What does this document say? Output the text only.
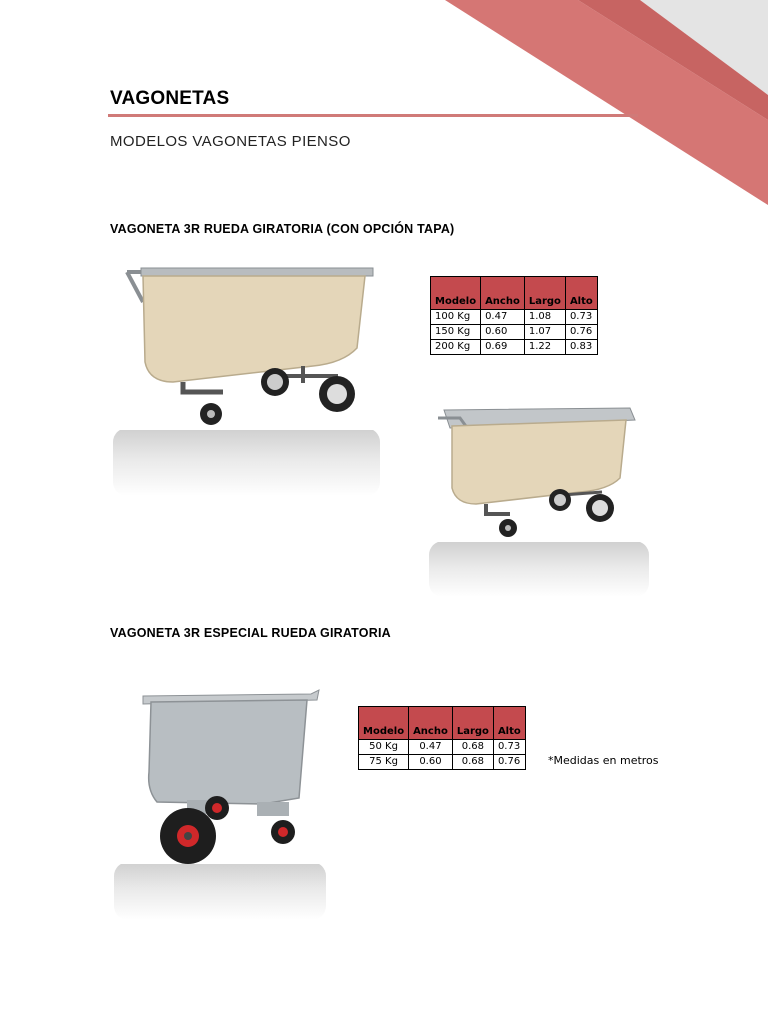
VAGONETAS
MODELOS VAGONETAS PIENSO
VAGONETA 3R RUEDA GIRATORIA (CON OPCIÓN TAPA)
Modelo	Ancho	Largo	Alto
100 Kg	0.47	1.08	0.73
150 Kg	0.60	1.07	0.76
200 Kg	0.69	1.22	0.83
VAGONETA 3R ESPECIAL RUEDA GIRATORIA
Modelo	Ancho	Largo	Alto
50 Kg	0.47	0.68	0.73
75 Kg	0.60	0.68	0.76	*Medidas en metros
